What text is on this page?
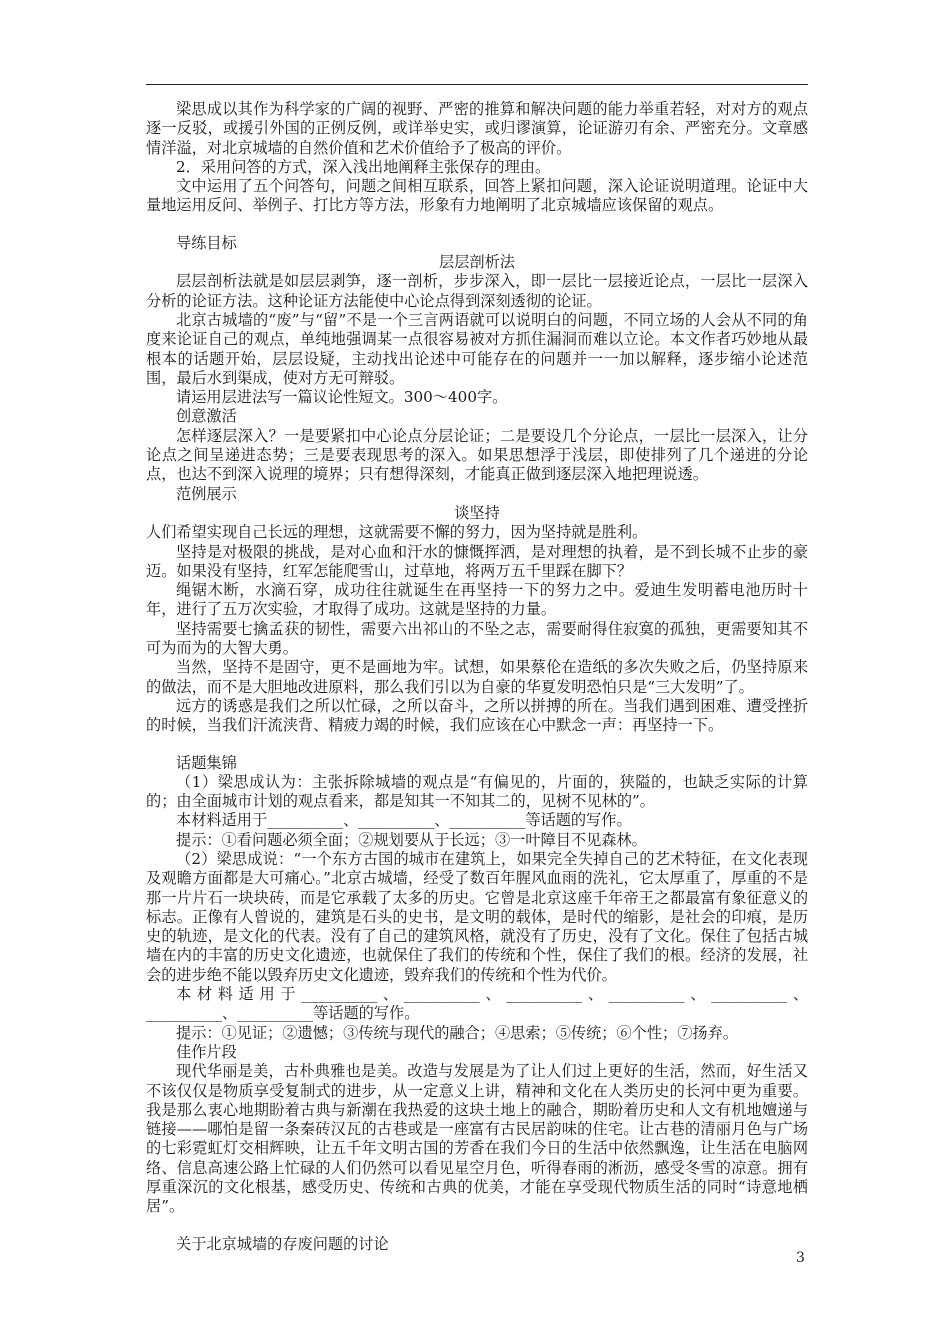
梁思成以其作为科学家的广阔的视野、严密的推算和解决问题的能力举重若轻，对对方的观点逐一反驳，或援引外国的正例反例，或详举史实，或归谬演算，论证游刃有余、严密充分。文章感情洋溢，对北京城墙的自然价值和艺术价值给予了极高的评价。

2．采用问答的方式，深入浅出地阐释主张保存的理由。

文中运用了五个问答句，问题之间相互联系，回答上紧扣问题，深入论证说明道理。论证中大量地运用反问、举例子、打比方等方法，形象有力地阐明了北京城墙应该保留的观点。

导练目标

层层剖析法

层层剖析法就是如层层剥笋，逐一剖析，步步深入，即一层比一层接近论点，一层比一层深入分析的论证方法。这种论证方法能使中心论点得到深刻透彻的论证。

北京古城墙的“废”与“留”不是一个三言两语就可以说明白的问题，不同立场的人会从不同的角度来论证自己的观点，单纯地强调某一点很容易被对方抓住漏洞而难以立论。本文作者巧妙地从最根本的话题开始，层层设疑，主动找出论述中可能存在的问题并一一加以解释，逐步缩小论述范围，最后水到渠成，使对方无可辩驳。

请运用层进法写一篇议论性短文。300～400字。

创意激活

怎样逐层深入？一是要紧扣中心论点分层论证；二是要设几个分论点，一层比一层深入，让分论点之间呈递进态势；三是要表现思考的深入。如果思想浮于浅层，即使排列了几个递进的分论点，也达不到深入说理的境界；只有想得深刻，才能真正做到逐层深入地把理说透。

范例展示

谈坚持

人们希望实现自己长远的理想，这就需要不懈的努力，因为坚持就是胜利。

坚持是对极限的挑战，是对心血和汗水的慷慨挥洒，是对理想的执着，是不到长城不止步的豪迈。如果没有坚持，红军怎能爬雪山，过草地，将两万五千里踩在脚下？

绳锯木断，水滴石穿，成功往往就诞生在再坚持一下的努力之中。爱迪生发明蓄电池历时十年，进行了五万次实验，才取得了成功。这就是坚持的力量。

坚持需要七擒孟获的韧性，需要六出祁山的不坠之志，需要耐得住寂寞的孤独，更需要知其不可为而为的大智大勇。

当然，坚持不是固守，更不是画地为牢。试想，如果蔡伦在造纸的多次失败之后，仍坚持原来的做法，而不是大胆地改进原料，那么我们引以为自豪的华夏发明恐怕只是“三大发明”了。

远方的诱惑是我们之所以忙碌，之所以奋斗，之所以拼搏的所在。当我们遇到困难、遭受挫折的时候，当我们汗流浃背、精疲力竭的时候，我们应该在心中默念一声：再坚持一下。

话题集锦

（1）梁思成认为：主张拆除城墙的观点是“有偏见的，片面的，狭隘的，也缺乏实际的计算的；由全面城市计划的观点看来，都是知其一不知其二的，见树不见林的”。

本材料适用于__________、__________、__________等话题的写作。

提示：①看问题必须全面；②规划要从于长远；③一叶障目不见森林。

（2）梁思成说：“一个东方古国的城市在建筑上，如果完全失掉自己的艺术特征，在文化表现及观瞻方面都是大可痛心。”北京古城墙，经受了数百年腥风血雨的洗礼，它太厚重了，厚重的不是那一片片石一块块砖，而是它承载了太多的历史。它曾是北京这座千年帝王之都最富有象征意义的标志。正像有人曾说的，建筑是石头的史书，是文明的载体，是时代的缩影，是社会的印痕，是历史的轨迹，是文化的代表。没有了自己的建筑风格，就没有了历史，没有了文化。保住了包括古城墙在内的丰富的历史文化遗迹，也就保住了我们的传统和个性，保住了我们的根。经济的发展，社会的进步绝不能以毁弃历史文化遗迹，毁弃我们的传统和个性为代价。

本材料适用于__________、__________、__________、__________、__________、__________、__________等话题的写作。

提示：①见证；②遗憾；③传统与现代的融合；④思索；⑤传统；⑥个性；⑦扬弃。

佳作片段

现代华丽是美，古朴典雅也是美。改造与发展是为了让人们过上更好的生活，然而，好生活又不该仅仅是物质享受复制式的进步，从一定意义上讲，精神和文化在人类历史的长河中更为重要。我是那么衷心地期盼着古典与新潮在我热爱的这块土地上的融合，期盼着历史和人文有机地嬗递与链接——哪怕是留一条秦砖汉瓦的古巷或是一座富有古民居韵味的住宅。让古巷的清丽月色与广场的七彩霓虹灯交相辉映，让五千年文明古国的芳香在我们今日的生活中依然飘逸，让生活在电脑网络、信息高速公路上忙碌的人们仍然可以看见星空月色，听得春雨的淅沥，感受冬雪的凉意。拥有厚重深沉的文化根基，感受历史、传统和古典的优美，才能在享受现代物质生活的同时“诗意地栖居”。

关于北京城墙的存废问题的讨论

3
